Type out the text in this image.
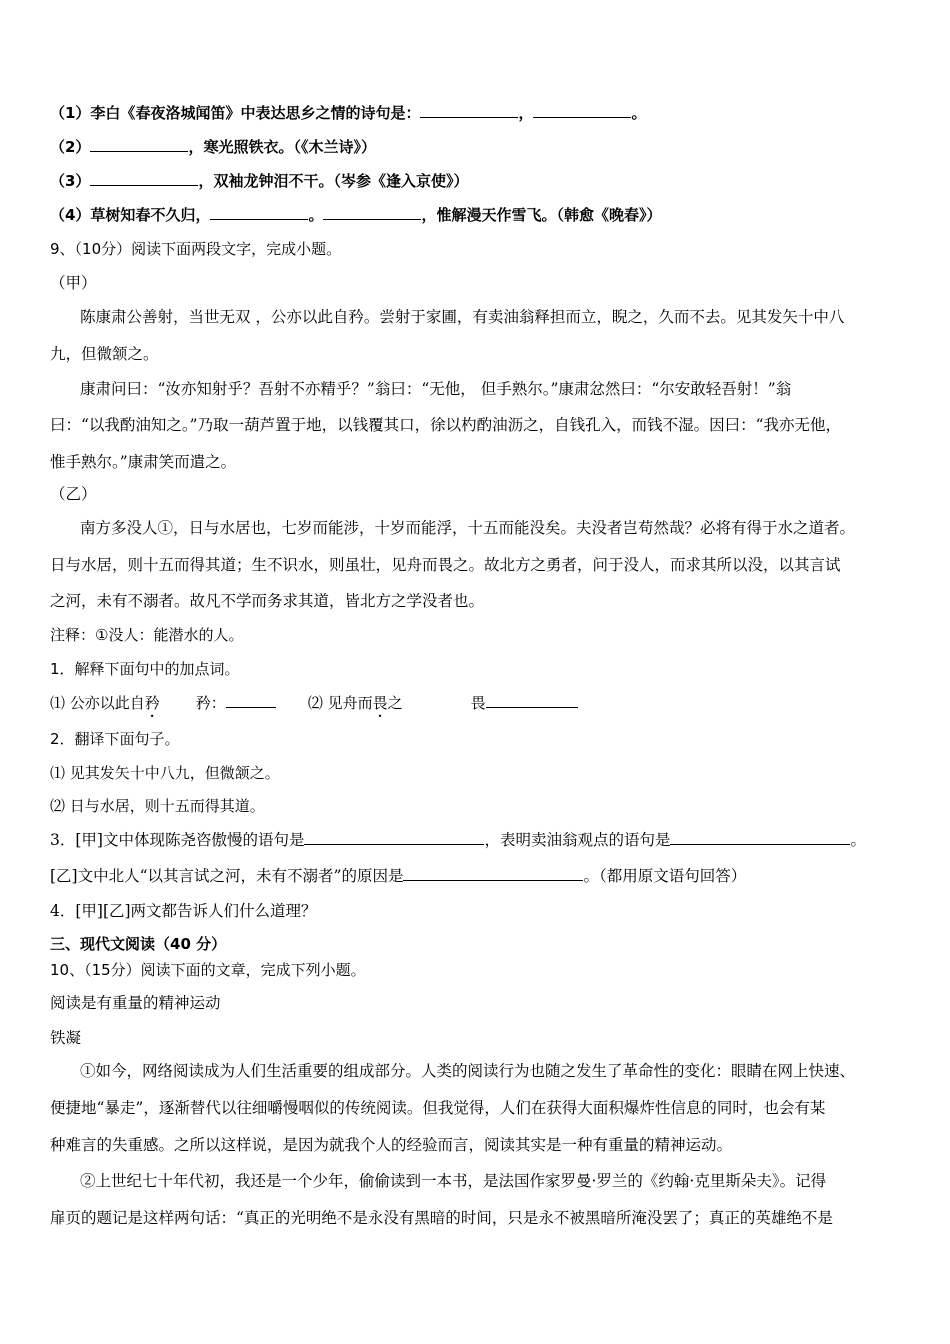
（1）李白《春夜洛城闻笛》中表达思乡之情的诗句是：	，	。
（2）	，寒光照铁衣。（《木兰诗》）
（3）	，双袖龙钟泪不干。（岑参《逢入京使》）
（4）草树知春不久归，	。	，惟解漫天作雪飞。（韩愈《晚春》）
9、（10分）阅读下面两段文字，完成小题。
（甲）
陈康肃公善射，当世无双 ，公亦以此自矜。尝射于家圃，有卖油翁释担而立，睨之，久而不去。见其发矢十中八
九，但微颔之。
康肃问曰：“汝亦知射乎？吾射不亦精乎？”翁曰：“无他， 但手熟尔。”康肃忿然曰：“尔安敢轻吾射！”翁
曰：“以我酌油知之。”乃取一葫芦置于地，以钱覆其口，徐以杓酌油沥之，自钱孔入，而钱不湿。因曰：“我亦无他，
惟手熟尔。”康肃笑而遣之。
（乙）
南方多没人①，日与水居也，七岁而能涉，十岁而能浮，十五而能没矣。夫没者岂苟然哉？必将有得于水之道者。
日与水居，则十五而得其道；生不识水，则虽壮，见舟而畏之。故北方之勇者，问于没人，而求其所以没，以其言试
之河，未有不溺者。故凡不学而务求其道，皆北方之学没者也。
注释：①没人：能潜水的人。
1．解释下面句中的加点词。
⑴ 公亦以此自矜 矜：	⑵ 见舟而畏之	畏
2．翻译下面句子。
⑴ 见其发矢十中八九，但微颔之。
⑵ 日与水居，则十五而得其道。
3．[甲]文中体现陈尧咨傲慢的语句是	，表明卖油翁观点的语句是	。
[乙]文中北人“以其言试之河，未有不溺者”的原因是	。（都用原文语句回答）
4．[甲][乙]两文都告诉人们什么道理？
三、现代文阅读（40 分）
10、（15分）阅读下面的文章，完成下列小题。
阅读是有重量的精神运动
铁凝
①如今，网络阅读成为人们生活重要的组成部分。人类的阅读行为也随之发生了革命性的变化：眼睛在网上快速、
便捷地“暴走”，逐渐替代以往细嚼慢咽似的传统阅读。但我觉得，人们在获得大面积爆炸性信息的同时，也会有某
种难言的失重感。之所以这样说，是因为就我个人的经验而言，阅读其实是一种有重量的精神运动。
②上世纪七十年代初，我还是一个少年，偷偷读到一本书，是法国作家罗曼·罗兰的《约翰·克里斯朵夫》。记得
扉页的题记是这样两句话：“真正的光明绝不是永没有黑暗的时间，只是永不被黑暗所淹没罢了；真正的英雄绝不是
